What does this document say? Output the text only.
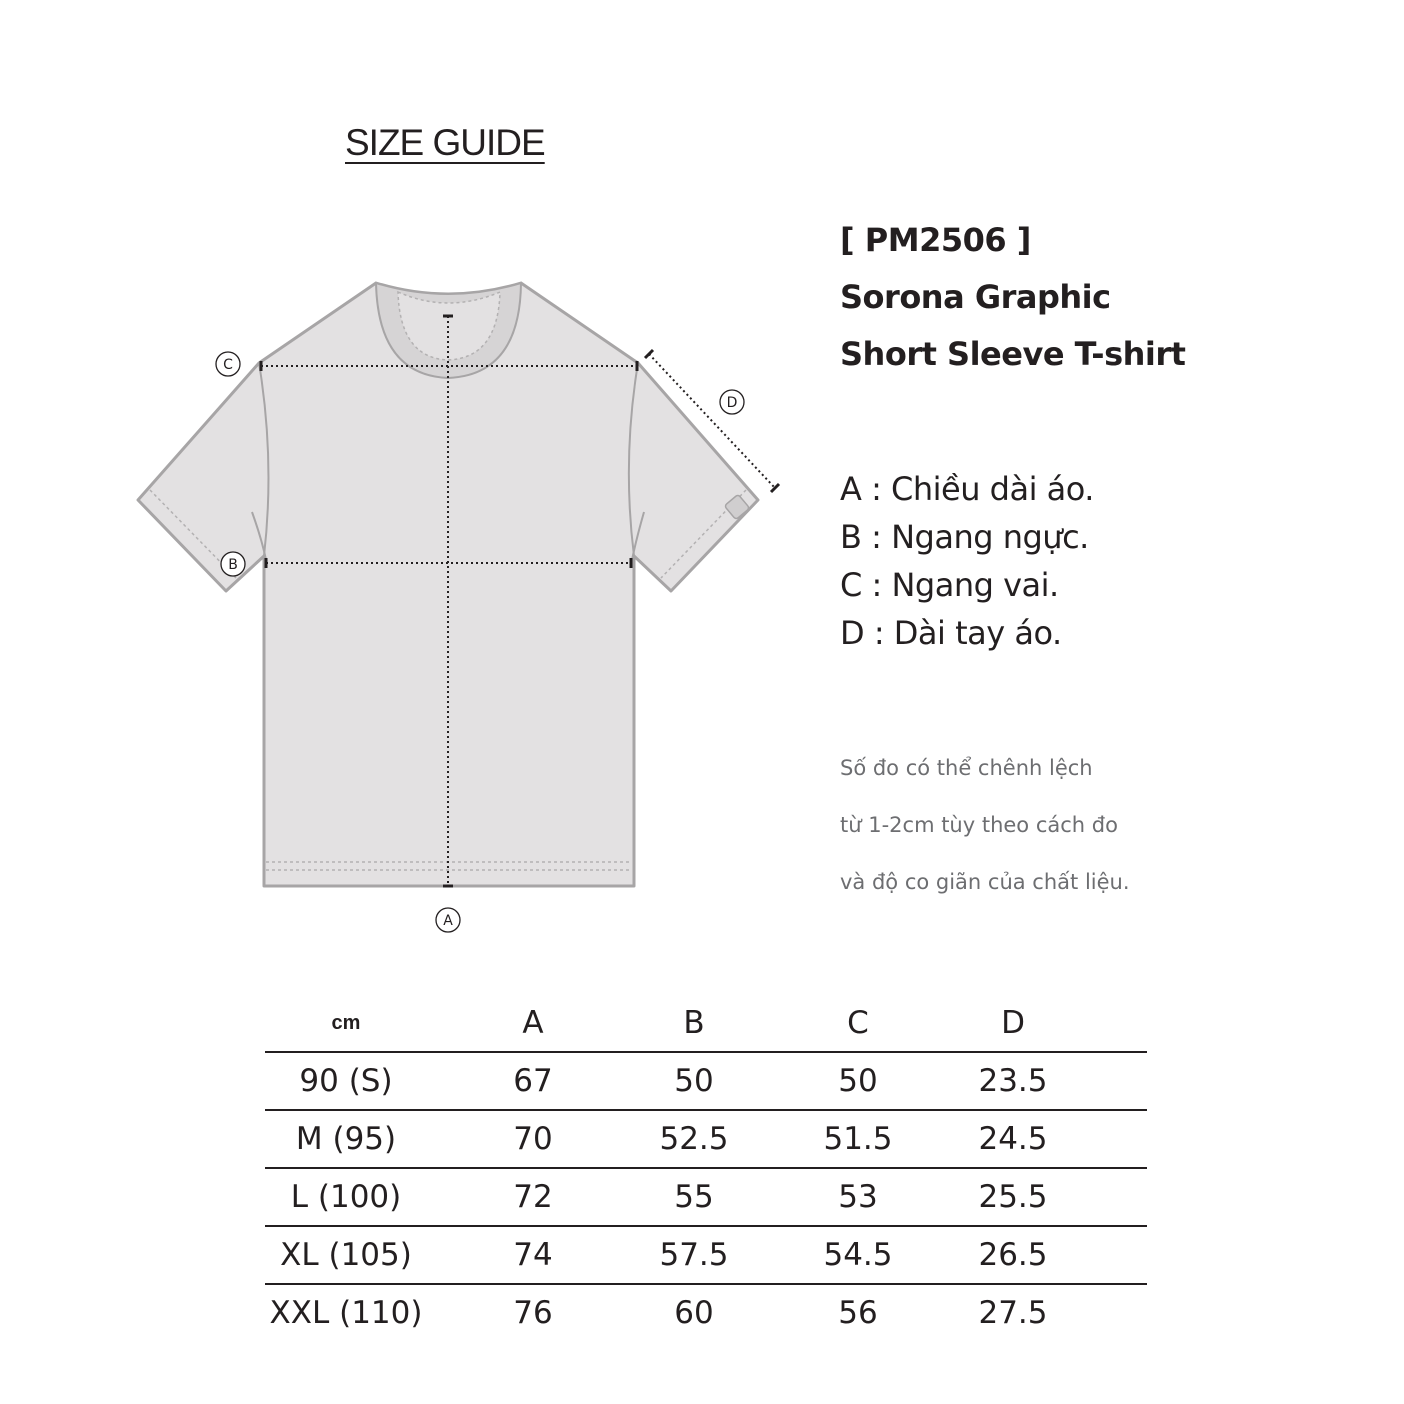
SIZE GUIDE
A
B
C
D
[ PM2506 ]
Sorona Graphic
Short Sleeve T-shirt
A : Chiều dài áo.
B : Ngang ngực.
C : Ngang vai.
D : Dài tay áo.
Số đo có thể chênh lệch
từ 1-2cm tùy theo cách đo
và độ co giãn của chất liệu.
cm	A	B	C	D	
90 (S)	67	50	50	23.5	
M (95)	70	52.5	51.5	24.5	
L (100)	72	55	53	25.5	
XL (105)	74	57.5	54.5	26.5	
XXL (110)	76	60	56	27.5	
